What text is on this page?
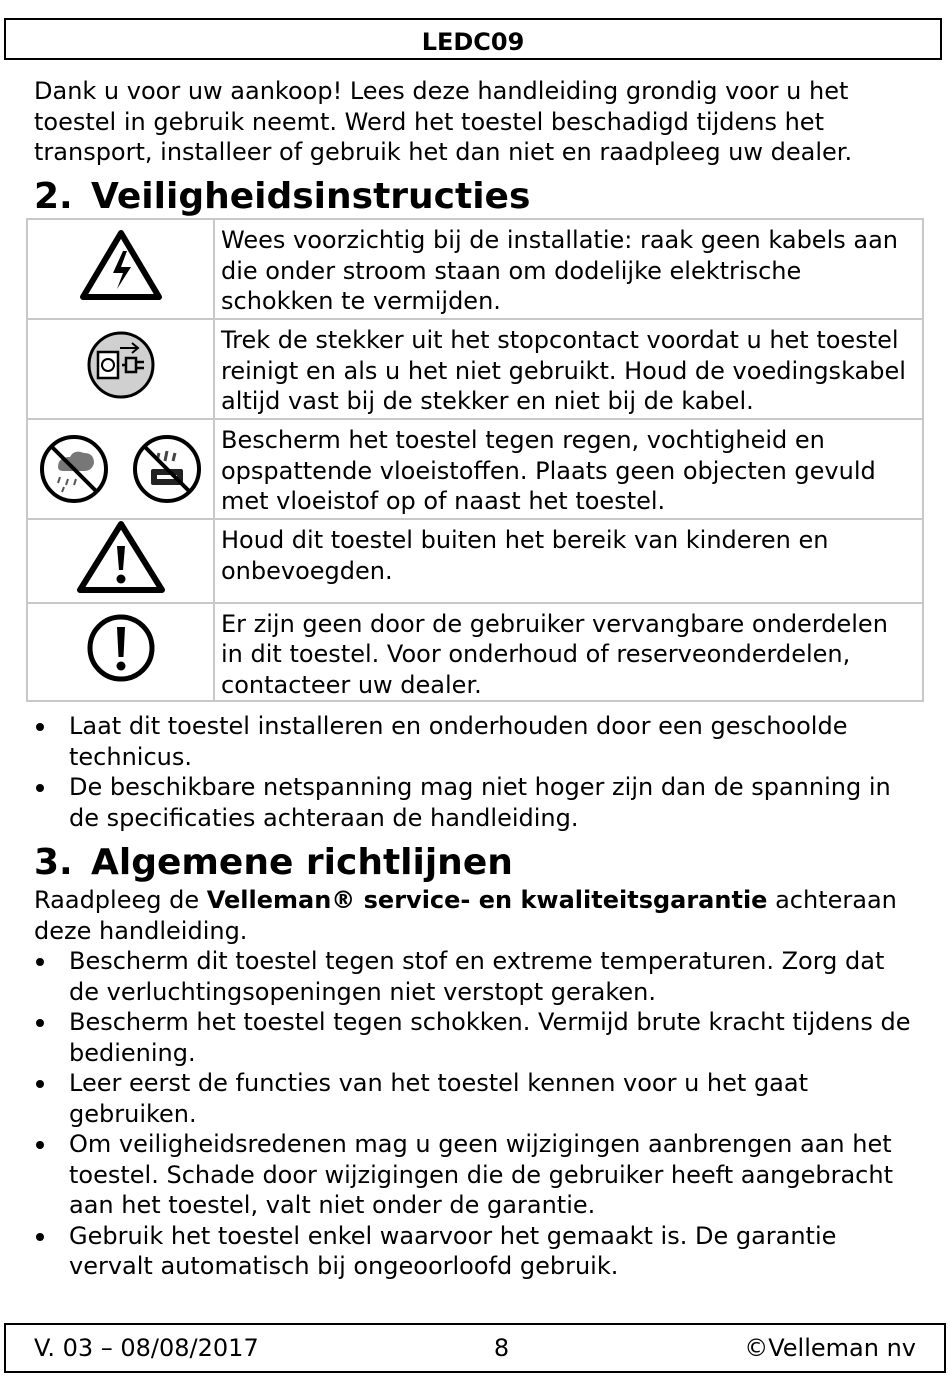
LEDC09

Dank u voor uw aankoop! Lees deze handleiding grondig voor u het toestel in gebruik neemt. Werd het toestel beschadigd tijdens het transport, installeer of gebruik het dan niet en raadpleeg uw dealer.

2. Veiligheidsinstructies
	Wees voorzichtig bij de installatie: raak geen kabels aan die onder stroom staan om dodelijke elektrische schokken te vermijden.
	Trek de stekker uit het stopcontact voordat u het toestel reinigt en als u het niet gebruikt. Houd de voedingskabel altijd vast bij de stekker en niet bij de kabel.

	Bescherm het toestel tegen regen, vochtigheid en opspattende vloeistoffen. Plaats geen objecten gevuld met vloeistof op of naast het toestel.
	Houd dit toestel buiten het bereik van kinderen en onbevoegden.
	Er zijn geen door de gebruiker vervangbare onderdelen in dit toestel. Voor onderhoud of reserveonderdelen, contacteer uw dealer.
Laat dit toestel installeren en onderhouden door een geschoolde technicus.
De beschikbare netspanning mag niet hoger zijn dan de spanning in de specificaties achteraan de handleiding.
3. Algemene richtlijnen

Raadpleeg de Velleman® service- en kwaliteitsgarantie achteraan deze handleiding.

Bescherm dit toestel tegen stof en extreme temperaturen. Zorg dat de verluchtingsopeningen niet verstopt geraken.
Bescherm het toestel tegen schokken. Vermijd brute kracht tijdens de bediening.
Leer eerst de functies van het toestel kennen voor u het gaat gebruiken.
Om veiligheidsredenen mag u geen wijzigingen aanbrengen aan het toestel. Schade door wijzigingen die de gebruiker heeft aangebracht aan het toestel, valt niet onder de garantie.
Gebruik het toestel enkel waarvoor het gemaakt is. De garantie vervalt automatisch bij ongeoorloofd gebruik.
V. 03 – 08/08/2017	8	©Velleman nv
